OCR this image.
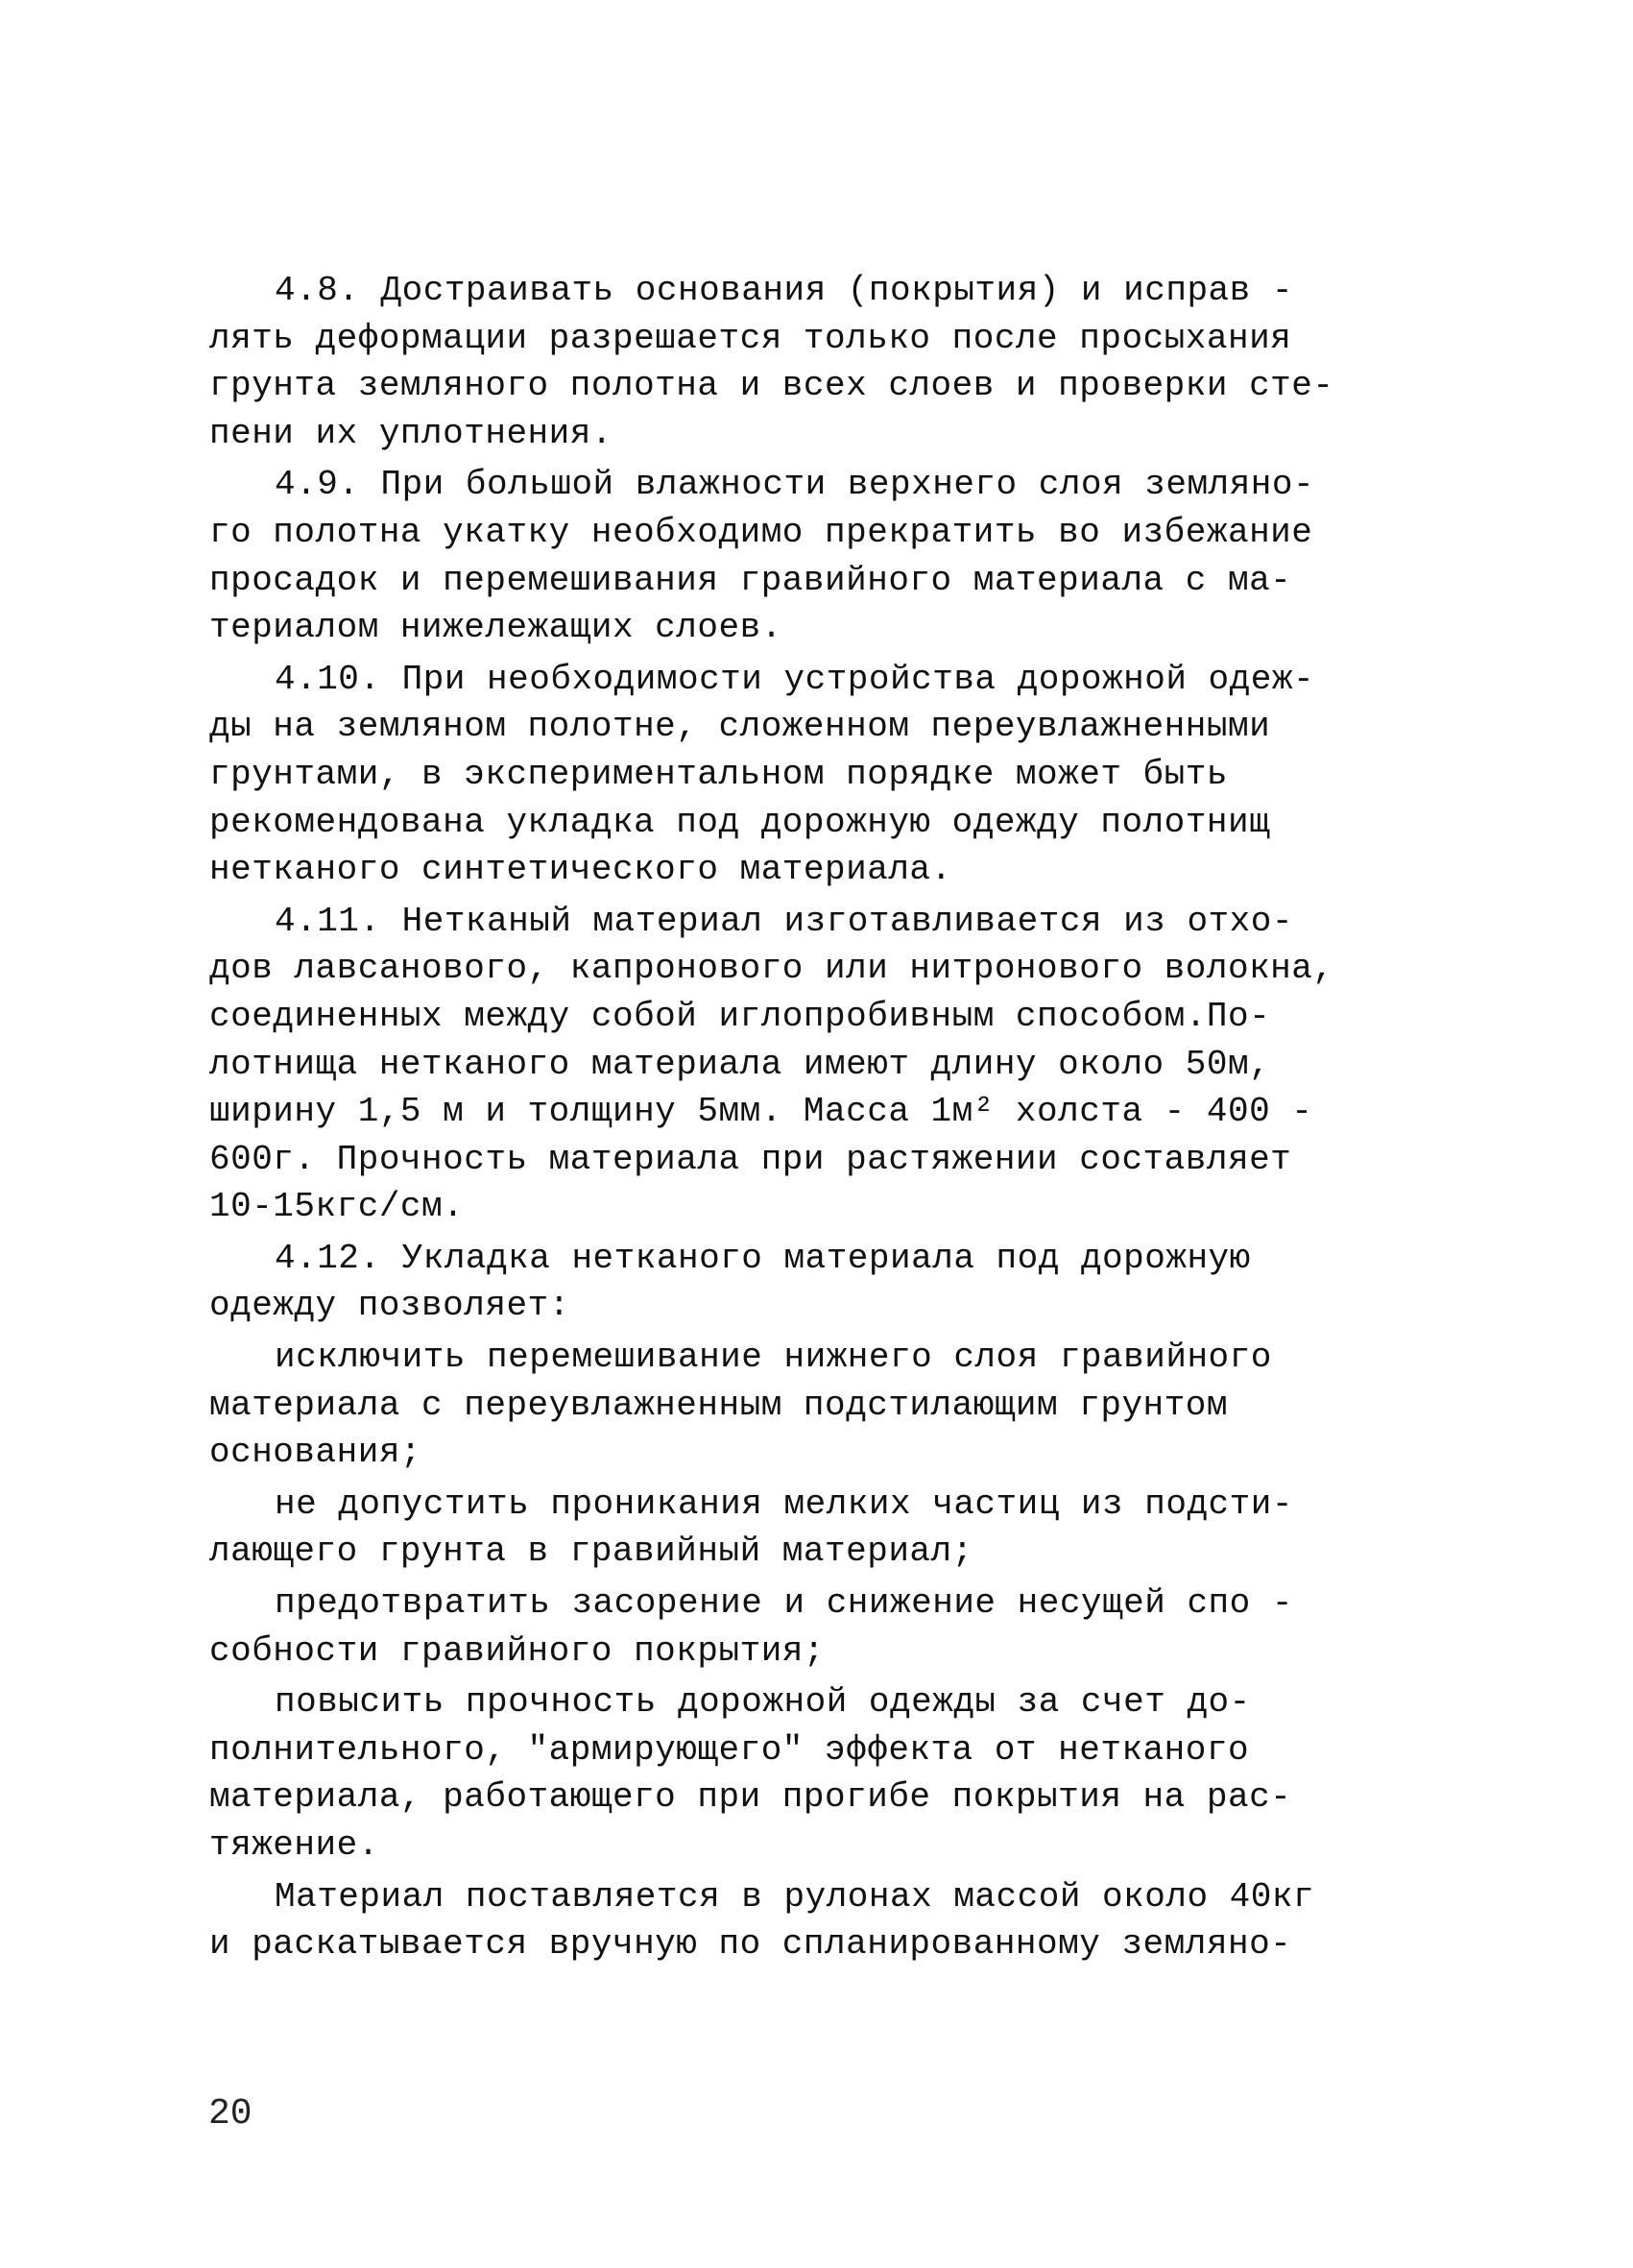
4.8. Достраивать основания (покрытия) и исправ -
лять деформации разрешается только после просыхания
грунта земляного полотна и всех слоев и проверки сте-
пени их уплотнения.
4.9. При большой влажности верхнего слоя земляно-
го полотна укатку необходимо прекратить во избежание
просадок и перемешивания гравийного материала с ма-
териалом нижележащих слоев.
4.10. При необходимости устройства дорожной одеж-
ды на земляном полотне, сложенном переувлажненными
грунтами, в экспериментальном порядке может быть
рекомендована укладка под дорожную одежду полотнищ
нетканого синтетического материала.
4.11. Нетканый материал изготавливается из отхо-
дов лавсанового, капронового или нитронового волокна,
соединенных между собой иглопробивным способом.По-
лотнища нетканого материала имеют длину около 50м,
ширину 1,5 м и толщину 5мм. Масса 1м² холста - 400 -
600г. Прочность материала при растяжении составляет
10-15кгс/см.
4.12. Укладка нетканого материала под дорожную
одежду позволяет:
исключить перемешивание нижнего слоя гравийного
материала с переувлажненным подстилающим грунтом
основания;
не допустить проникания мелких частиц из подсти-
лающего грунта в гравийный материал;
предотвратить засорение и снижение несущей спо -
собности гравийного покрытия;
повысить прочность дорожной одежды за счет до-
полнительного, "армирующего" эффекта от нетканого
материала, работающего при прогибе покрытия на рас-
тяжение.
Материал поставляется в рулонах массой около 40кг
и раскатывается вручную по спланированному земляно-
20
